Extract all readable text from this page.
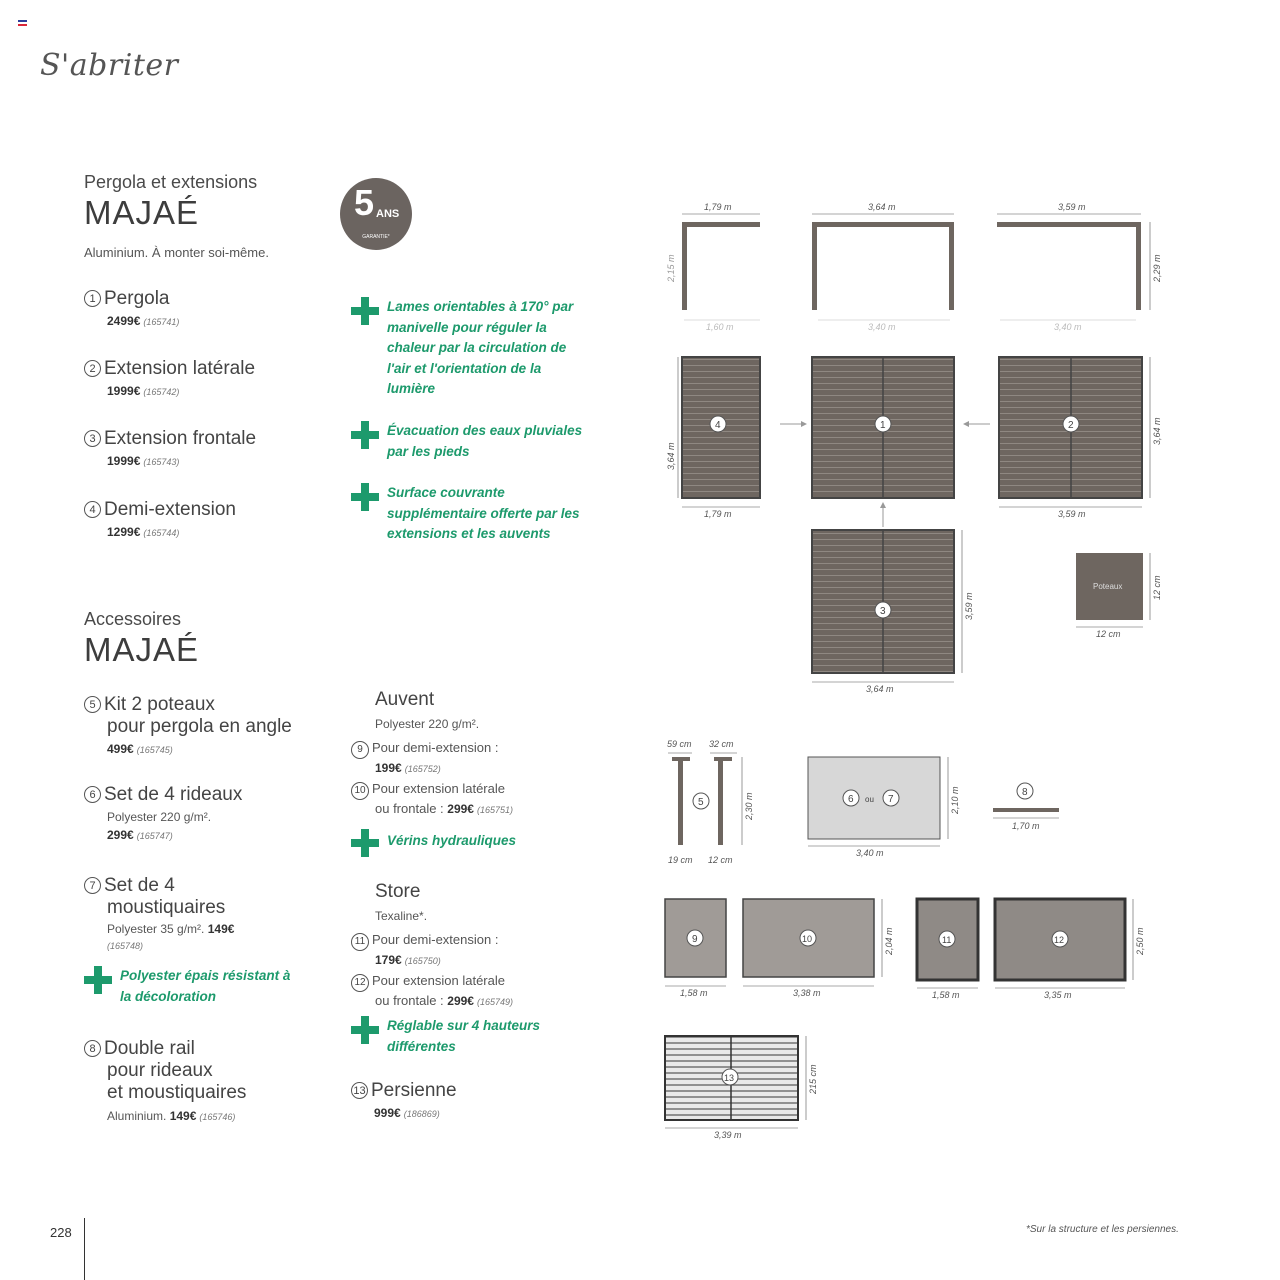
S'abriter
Pergola et extensions
MAJAÉ
Aluminium. À monter soi-même.
5 ANS
GARANTIE*
1 Pergola
2499€ (165741)
2 Extension latérale
1999€ (165742)
3 Extension frontale
1999€ (165743)
4 Demi-extension
1299€ (165744)
Lames orientables à 170° par manivelle pour réguler la chaleur par la circulation de l'air et l'orientation de la lumière
Évacuation des eaux pluviales par les pieds
Surface couvrante supplémentaire offerte par les extensions et les auvents
Accessoires
MAJAÉ
5 Kit 2 poteaux
pour pergola en angle
499€ (165745)
6 Set de 4 rideaux
Polyester 220 g/m².
299€ (165747)
7 Set de 4
moustiquaires
Polyester 35 g/m². 149€
(165748)
Polyester épais résistant à la décoloration
8 Double rail
pour rideaux
et moustiquaires
Aluminium. 149€ (165746)
Auvent
Polyester 220 g/m².
9 Pour demi-extension :
199€ (165752)
10 Pour extension latérale
ou frontale : 299€ (165751)
Vérins hydrauliques
Store
Texaline*.
11 Pour demi-extension :
179€ (165750)
12 Pour extension latérale
ou frontale : 299€ (165749)
Réglable sur 4 hauteurs différentes
13 Persienne
999€ (186869)
1,79 m
2,15 m
1,60 m
3,64 m
3,40 m
3,59 m
2,29 m
3,40 m
4
3,64 m
1,79 m
1	2	3,64 m
3,59 m
3	3,59 m
3,64 m
Poteaux	12 cm
12 cm
59 cm 32 cm
5	2,30 m
19 cm 12 cm
6 ou 7	2,10 m
3,40 m
8
1,70 m
9
1,58 m
10	2,04 m
3,38 m
11
1,58 m
12	2,50 m
3,35 m
13	215 cm
3,39 m
228	*Sur la structure et les persiennes.
